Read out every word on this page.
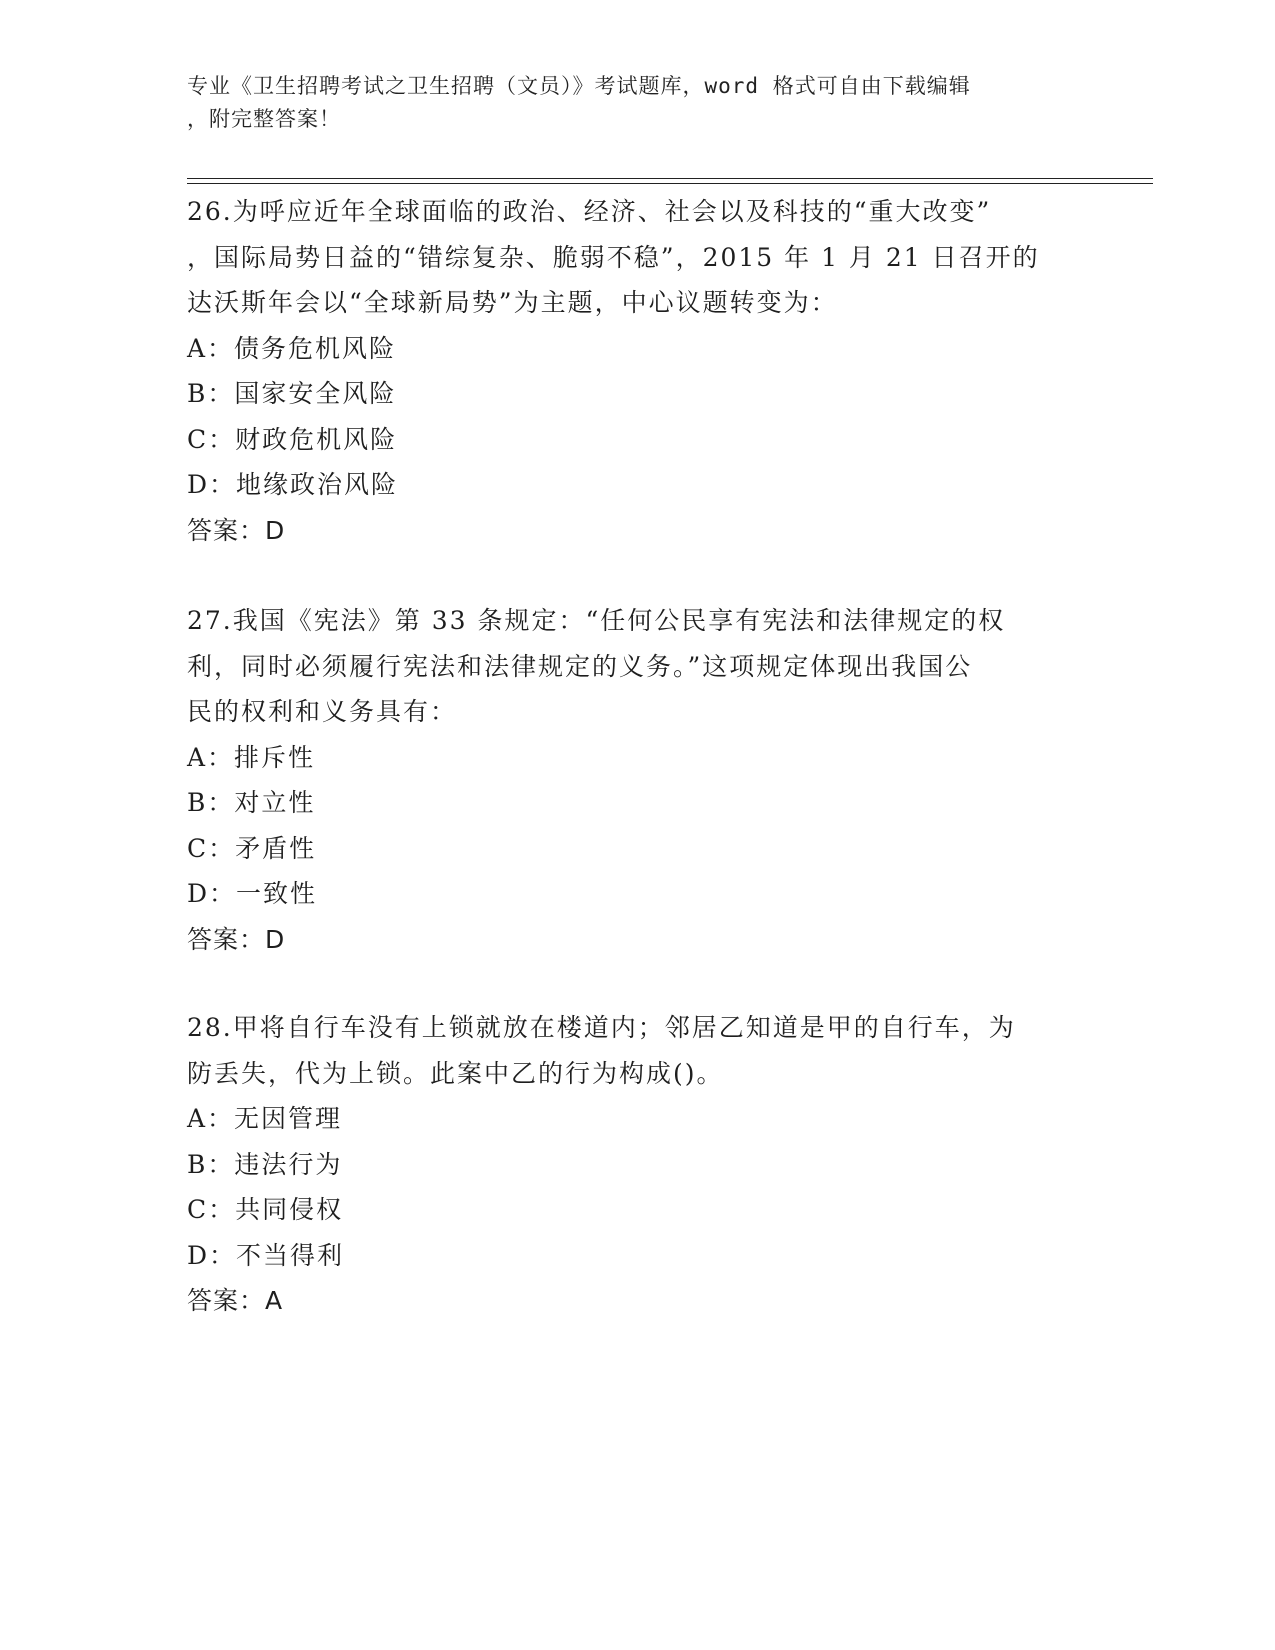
专业《卫生招聘考试之卫生招聘（文员）》考试题库，word 格式可自由下载编辑
，附完整答案！
26.为呼应近年全球面临的政治、经济、社会以及科技的“重大改变”
，国际局势日益的“错综复杂、脆弱不稳”，2015 年 1 月 21 日召开的
达沃斯年会以“全球新局势”为主题，中心议题转变为：
A：债务危机风险
B：国家安全风险
C：财政危机风险
D：地缘政治风险
答案：D
27.我国《宪法》第 33 条规定：“任何公民享有宪法和法律规定的权
利，同时必须履行宪法和法律规定的义务。”这项规定体现出我国公
民的权利和义务具有：
A：排斥性
B：对立性
C：矛盾性
D：一致性
答案：D
28.甲将自行车没有上锁就放在楼道内；邻居乙知道是甲的自行车，为
防丢失，代为上锁。此案中乙的行为构成()。
A：无因管理
B：违法行为
C：共同侵权
D：不当得利
答案：A
